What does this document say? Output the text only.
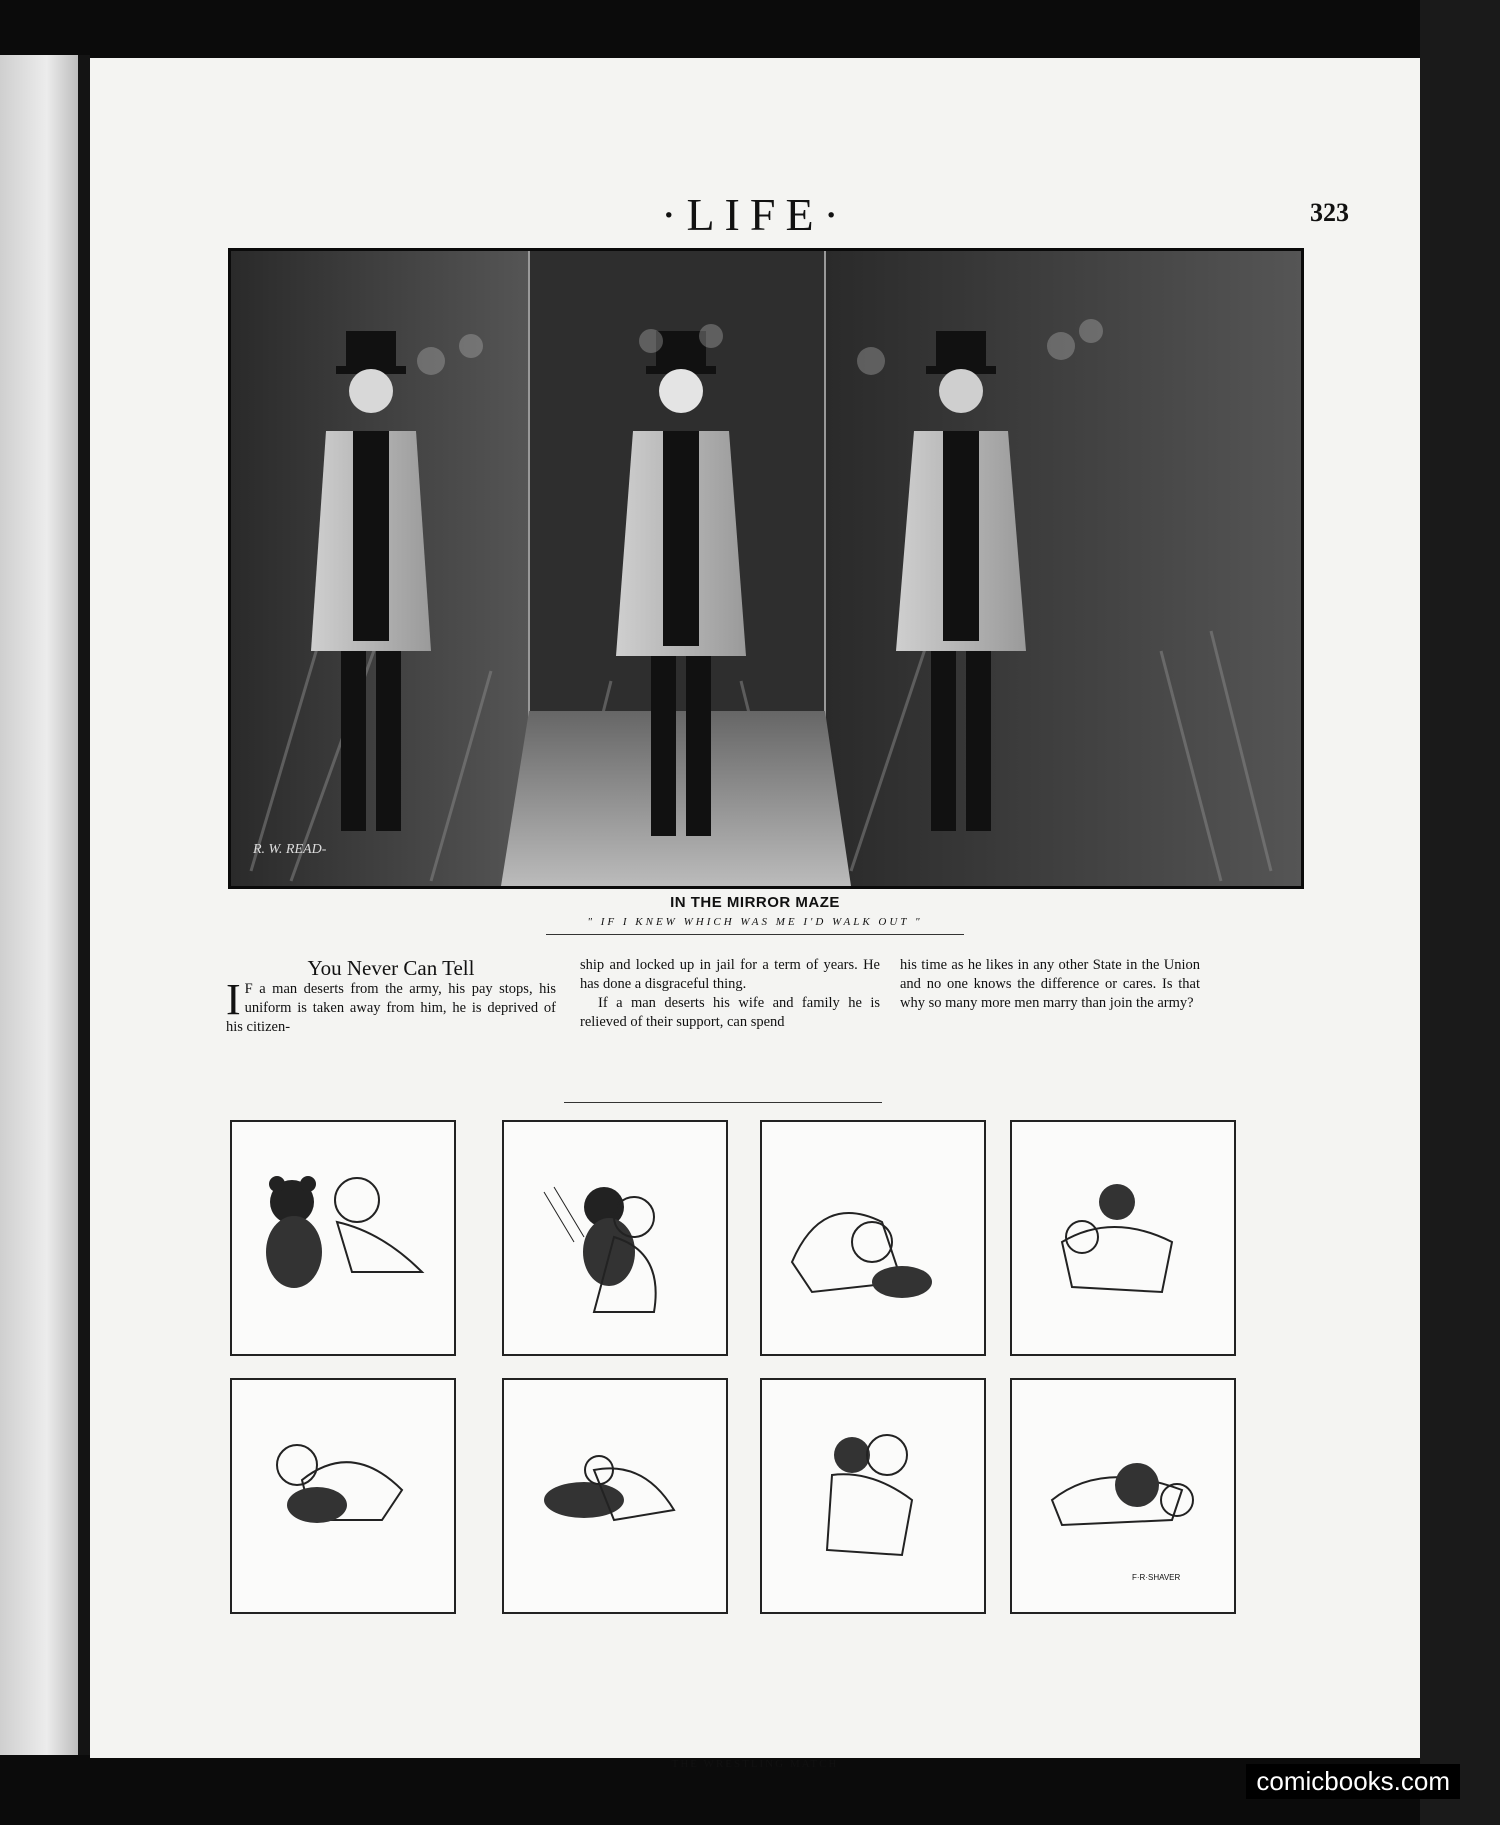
·LIFE·	323
R. W. READ-
IN THE MIRROR MAZE
" IF I KNEW WHICH WAS ME I'D WALK OUT "
You Never Can Tell

I F a man deserts from the army, his pay stops, his uniform is taken away from him, he is deprived of his citizen-

ship and locked up in jail for a term of years. He has done a disgraceful thing.

If a man deserts his wife and family he is relieved of their support, can spend

his time as he likes in any other State in the Union and no one knows the difference or cares. Is that why so many more men marry than join the army?

F·R·SHAVER
THE WRESTLING MATCH
comicbooks.com
